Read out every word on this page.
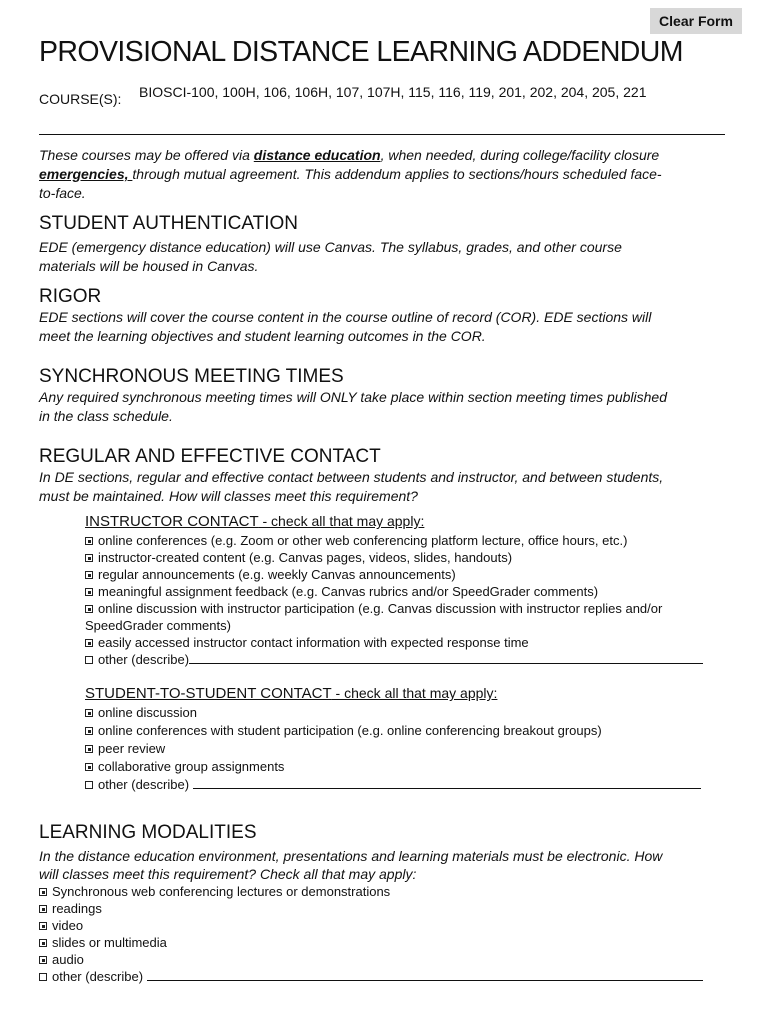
Clear Form
PROVISIONAL DISTANCE LEARNING ADDENDUM
COURSE(S): BIOSCI-100, 100H, 106, 106H, 107, 107H, 115, 116, 119, 201, 202, 204, 205, 221
These courses may be offered via distance education, when needed, during college/facility closure
emergencies, through mutual agreement. This addendum applies to sections/hours scheduled face-
to-face.
STUDENT AUTHENTICATION
EDE (emergency distance education) will use Canvas. The syllabus, grades, and other course
materials will be housed in Canvas.
RIGOR
EDE sections will cover the course content in the course outline of record (COR). EDE sections will
meet the learning objectives and student learning outcomes in the COR.
SYNCHRONOUS MEETING TIMES
Any required synchronous meeting times will ONLY take place within section meeting times published
in the class schedule.
REGULAR AND EFFECTIVE CONTACT
In DE sections, regular and effective contact between students and instructor, and between students,
must be maintained. How will classes meet this requirement?
INSTRUCTOR CONTACT - check all that may apply:
online conferences (e.g. Zoom or other web conferencing platform lecture, office hours, etc.)
instructor-created content (e.g. Canvas pages, videos, slides, handouts)
regular announcements (e.g. weekly Canvas announcements)
meaningful assignment feedback (e.g. Canvas rubrics and/or SpeedGrader comments)
online discussion with instructor participation (e.g. Canvas discussion with instructor replies and/or
SpeedGrader comments)
easily accessed instructor contact information with expected response time
other (describe)
STUDENT-TO-STUDENT CONTACT - check all that may apply:
online discussion
online conferences with student participation (e.g. online conferencing breakout groups)
peer review
collaborative group assignments
other (describe)
LEARNING MODALITIES
In the distance education environment, presentations and learning materials must be electronic. How
will classes meet this requirement? Check all that may apply:
Synchronous web conferencing lectures or demonstrations
readings
video
slides or multimedia
audio
other (describe)
